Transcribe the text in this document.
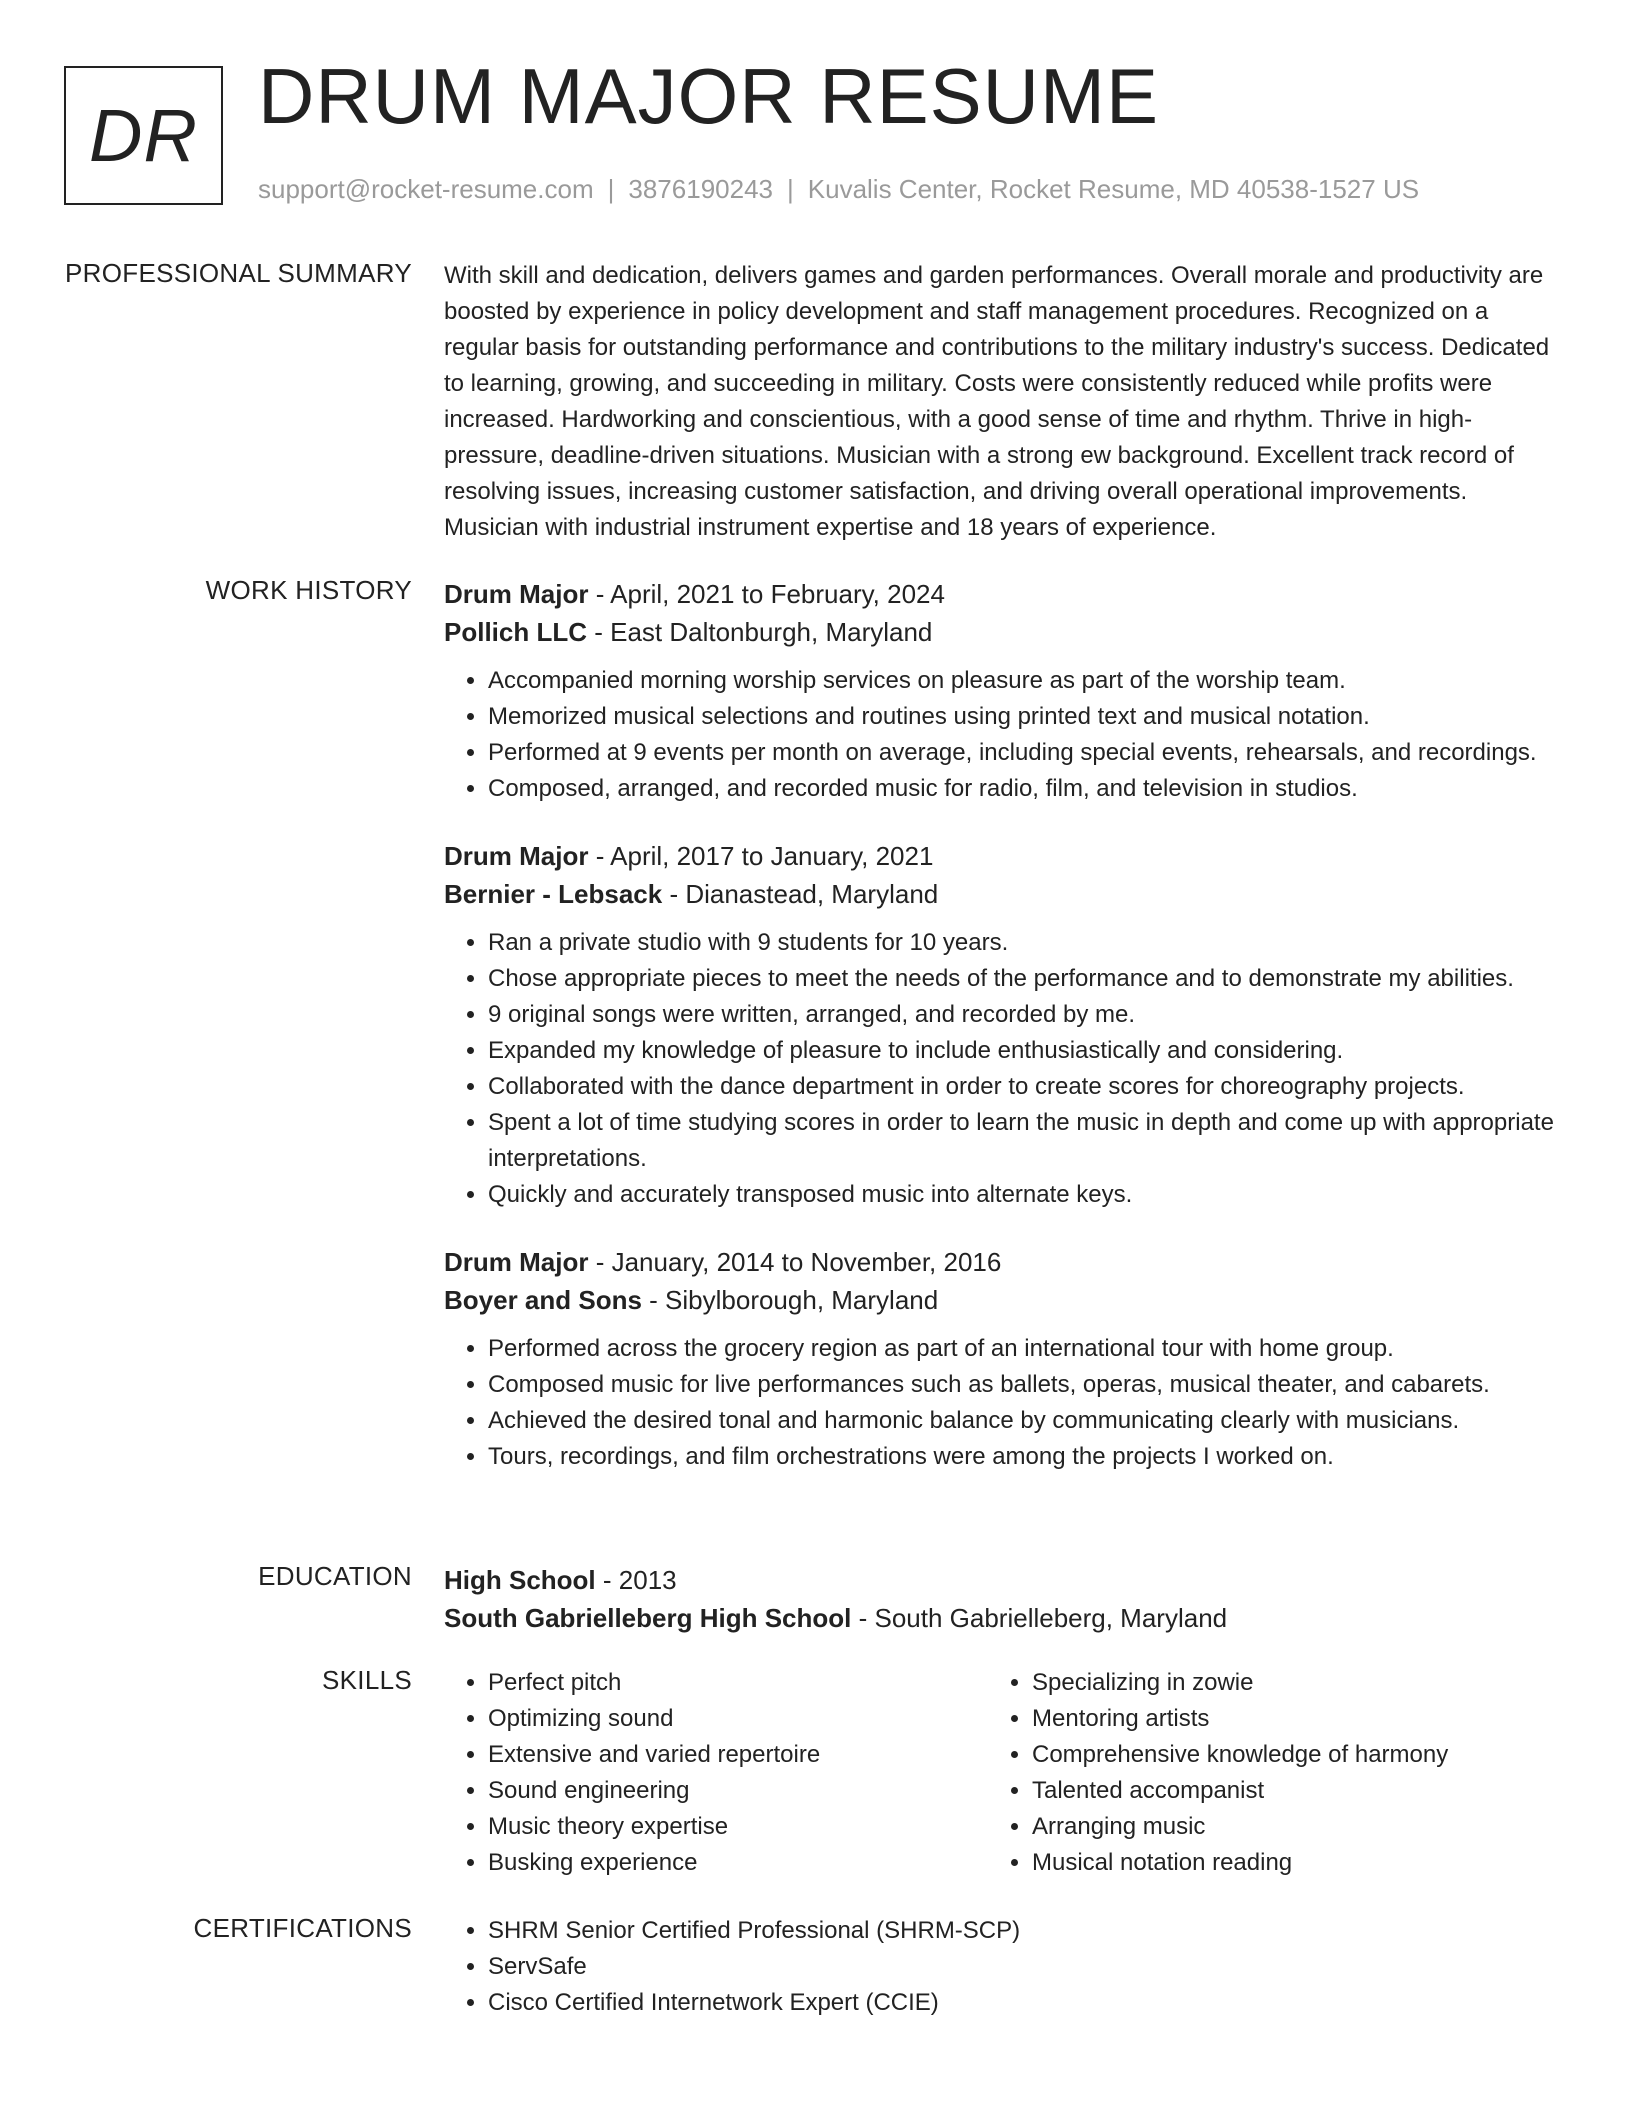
DR DRUM MAJOR RESUME
support@rocket-resume.com | 3876190243 | Kuvalis Center, Rocket Resume, MD 40538-1527 US
PROFESSIONAL SUMMARY With skill and dedication, delivers games and garden performances. Overall morale and productivity are boosted by experience in policy development and staff management procedures. Recognized on a regular basis for outstanding performance and contributions to the military industry's success. Dedicated to learning, growing, and succeeding in military. Costs were consistently reduced while profits were increased. Hardworking and conscientious, with a good sense of time and rhythm. Thrive in high-pressure, deadline-driven situations. Musician with a strong ew background. Excellent track record of resolving issues, increasing customer satisfaction, and driving overall operational improvements. Musician with industrial instrument expertise and 18 years of experience.

WORK HISTORY Drum Major - April, 2021 to February, 2024
Pollich LLC - East Daltonburgh, Maryland
• Accompanied morning worship services on pleasure as part of the worship team.
• Memorized musical selections and routines using printed text and musical notation.
• Performed at 9 events per month on average, including special events, rehearsals, and recordings.
• Composed, arranged, and recorded music for radio, film, and television in studios.
Drum Major - April, 2017 to January, 2021
Bernier - Lebsack - Dianastead, Maryland
• Ran a private studio with 9 students for 10 years.
• Chose appropriate pieces to meet the needs of the performance and to demonstrate my abilities.
• 9 original songs were written, arranged, and recorded by me.
• Expanded my knowledge of pleasure to include enthusiastically and considering.
• Collaborated with the dance department in order to create scores for choreography projects.
• Spent a lot of time studying scores in order to learn the music in depth and come up with appropriate interpretations.
• Quickly and accurately transposed music into alternate keys.
Drum Major - January, 2014 to November, 2016
Boyer and Sons - Sibylborough, Maryland
• Performed across the grocery region as part of an international tour with home group.
• Composed music for live performances such as ballets, operas, musical theater, and cabarets.
• Achieved the desired tonal and harmonic balance by communicating clearly with musicians.
• Tours, recordings, and film orchestrations were among the projects I worked on.
EDUCATION High School - 2013
South Gabrielleberg High School - South Gabrielleberg, Maryland
SKILLS	• Perfect pitch
• Optimizing sound
• Extensive and varied repertoire
• Sound engineering
• Music theory expertise
• Busking experience
• Specializing in zowie
• Mentoring artists
• Comprehensive knowledge of harmony
• Talented accompanist
• Arranging music
• Musical notation reading
CERTIFICATIONS	• SHRM Senior Certified Professional (SHRM-SCP)
• ServSafe
• Cisco Certified Internetwork Expert (CCIE)
